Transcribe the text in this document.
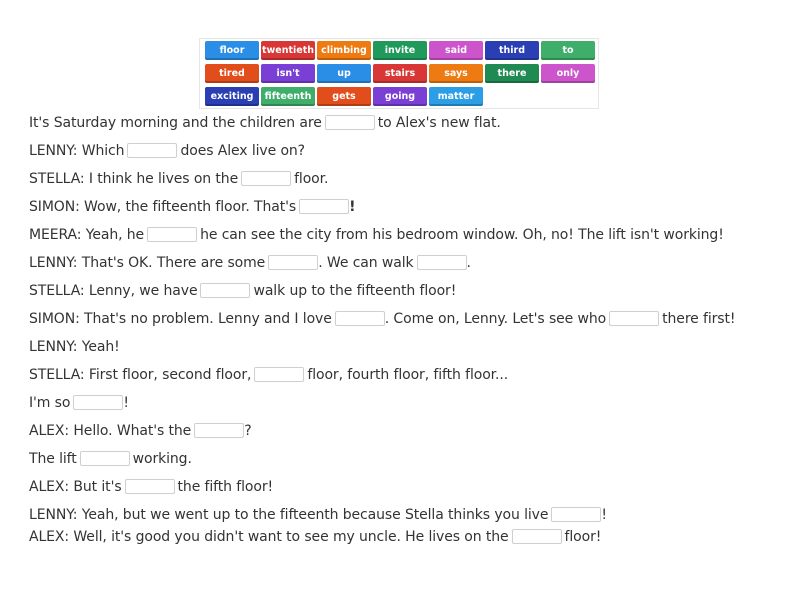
floor	twentieth climbing	invite	said	third	to
tired	isn't	up	stairs	says	there	only
exciting	fifteenth	gets	going	matter
It's Saturday morning and the children are	to Alex's new flat.
LENNY: Which	does Alex live on?
STELLA: I think he lives on the	floor.
SIMON: Wow, the fifteenth floor. That's	!
MEERA: Yeah, he	he can see the city from his bedroom window. Oh, no! The lift isn't working!
LENNY: That's OK. There are some	. We can walk	.
STELLA: Lenny, we have	walk up to the fifteenth floor!
SIMON: That's no problem. Lenny and I love	. Come on, Lenny. Let's see who	there first!
LENNY: Yeah!
STELLA: First floor, second floor,	floor, fourth floor, fifth floor...
I'm so	!
ALEX: Hello. What's the	?
The lift	working.
ALEX: But it's	the fifth floor!
LENNY: Yeah, but we went up to the fifteenth because Stella thinks you live	!
ALEX: Well, it's good you didn't want to see my uncle. He lives on the	floor!
